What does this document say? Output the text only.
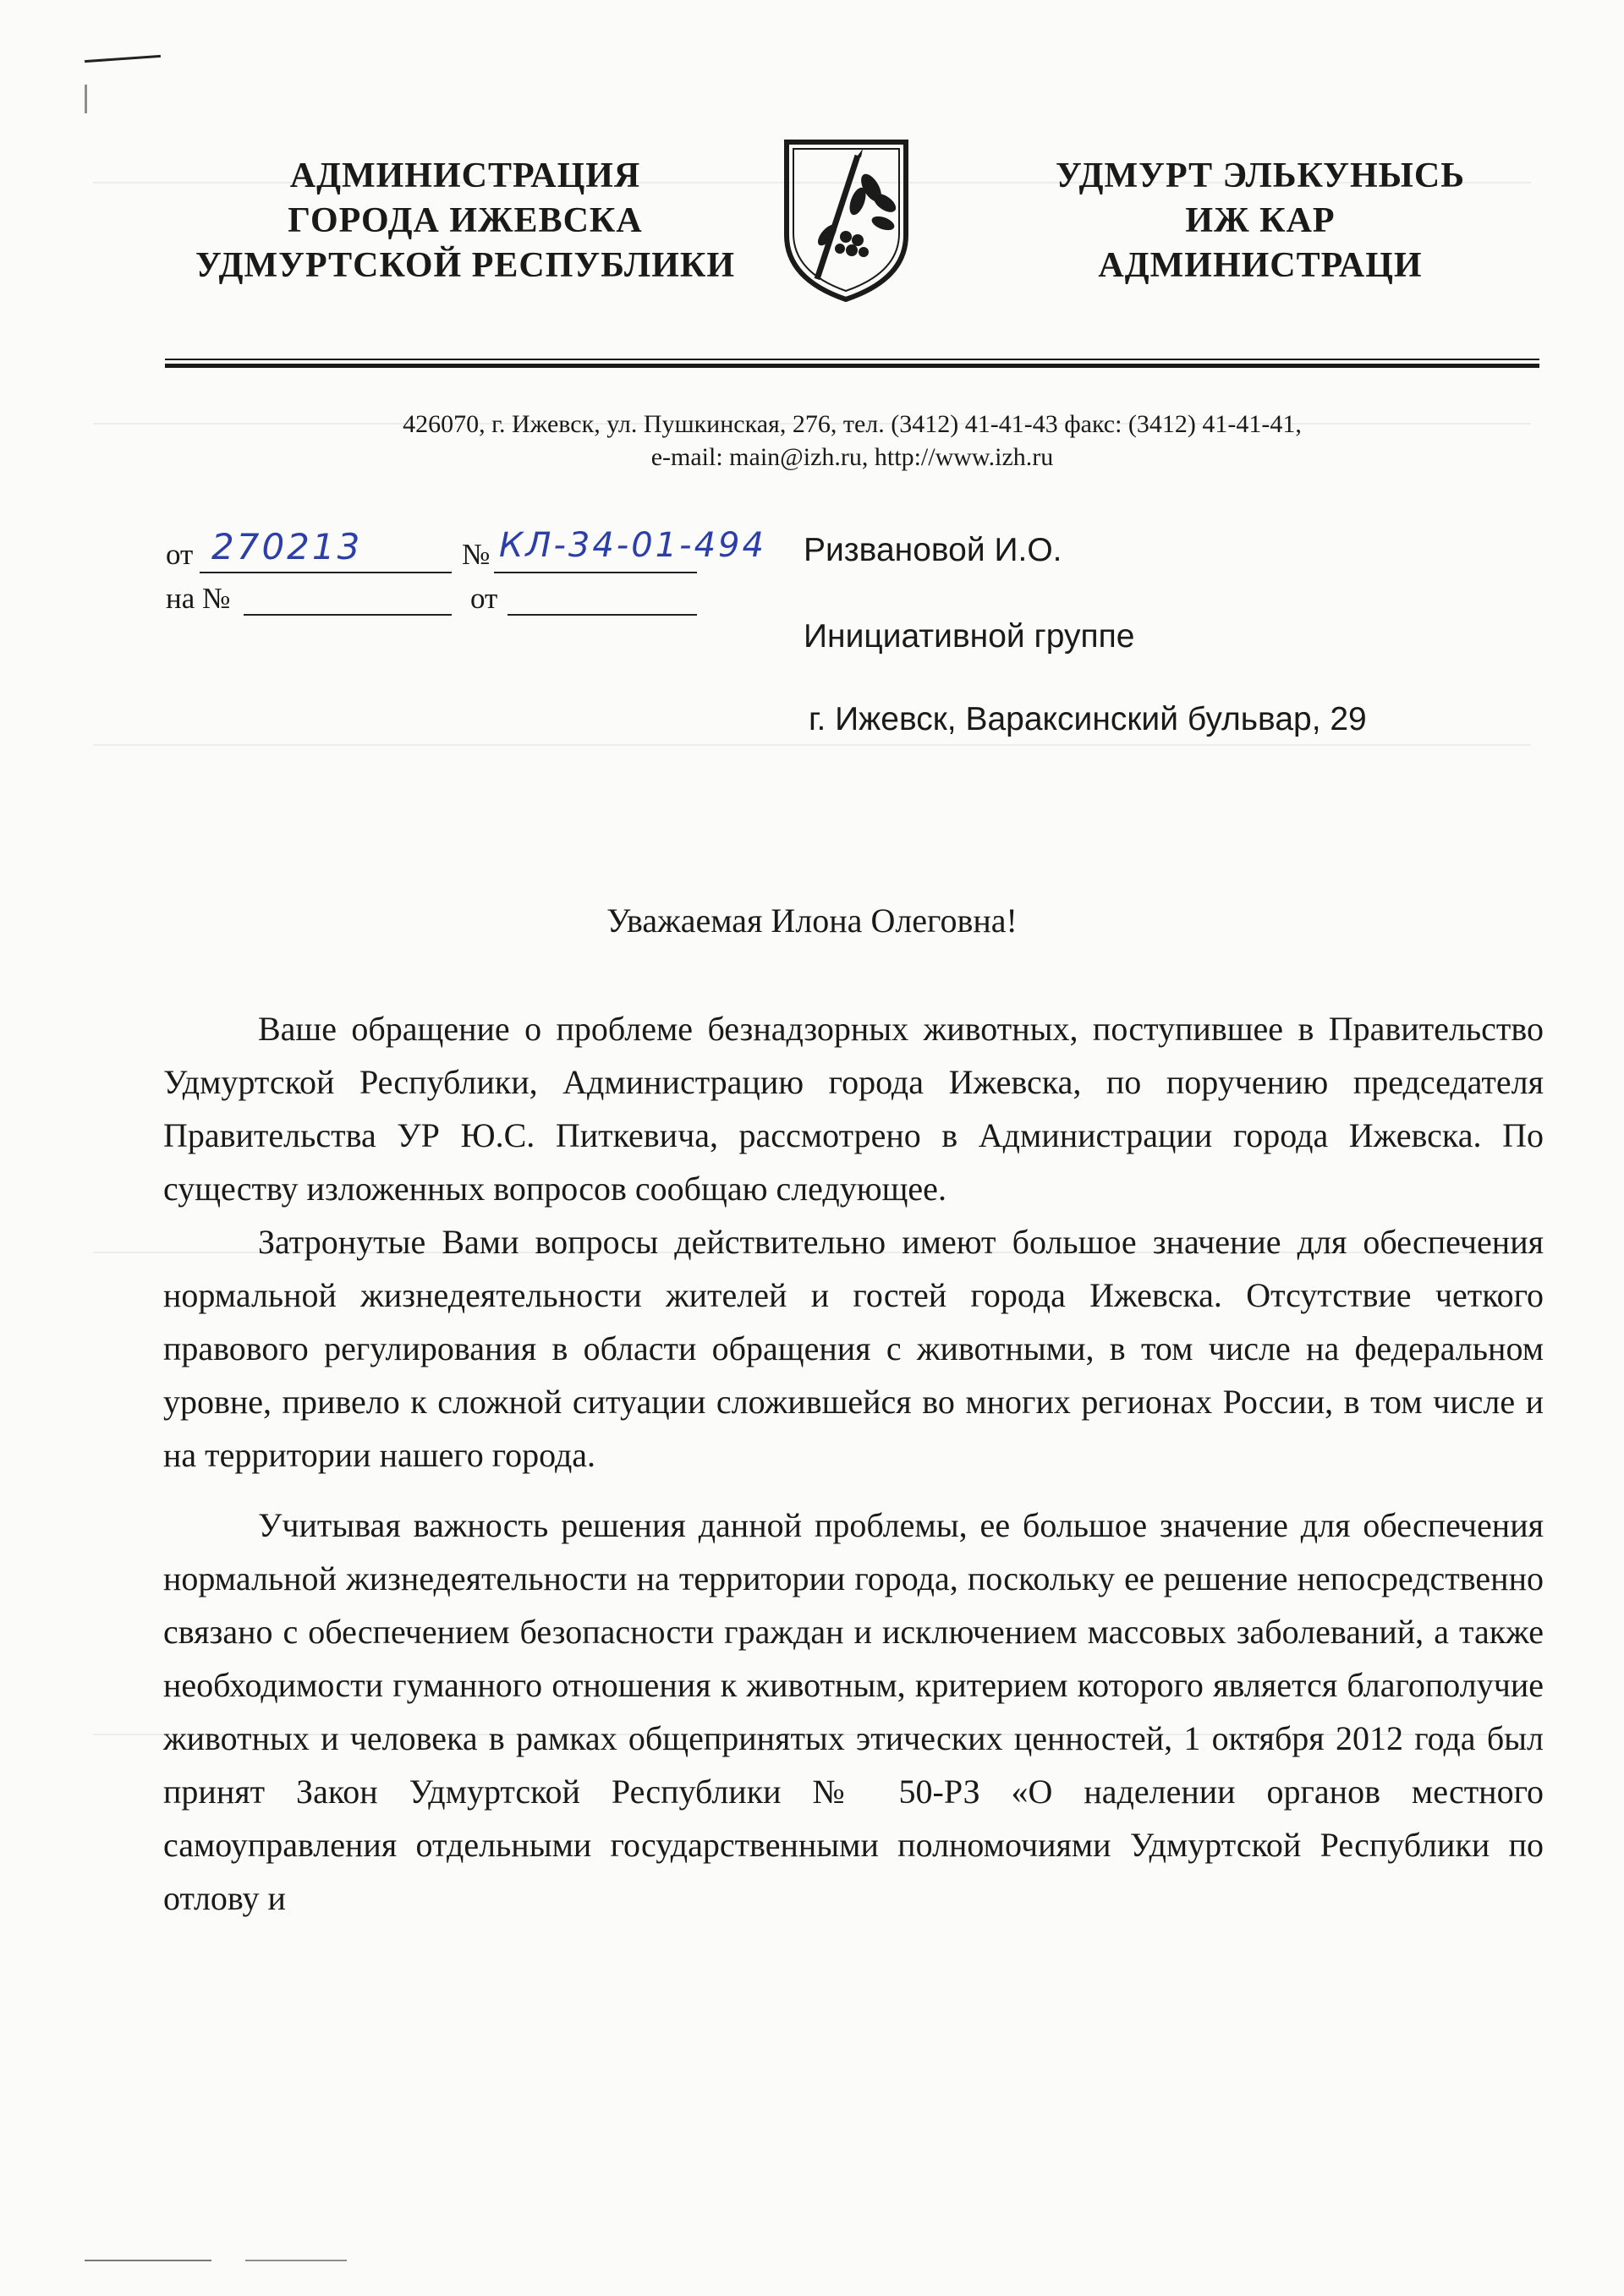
АДМИНИСТРАЦИЯ
ГОРОДА ИЖЕВСКА
УДМУРТСКОЙ РЕСПУБЛИКИ
УДМУРТ ЭЛЬКУНЫСЬ
ИЖ КАР
АДМИНИСТРАЦИ
426070, г. Ижевск, ул. Пушкинская, 276, тел. (3412) 41-41-43 факс: (3412) 41-41-41,
e-mail: main@izh.ru, http://www.izh.ru
от 270213	№ КЛ-34-01-494
на №	от
Ризвановой И.О.
Инициативной группе
г. Ижевск, Вараксинский бульвар, 29
Уважаемая Илона Олеговна!

Ваше обращение о проблеме безнадзорных животных, поступившее в Правительство Удмуртской Республики, Администрацию города Ижевска, по поручению председателя Правительства УР Ю.С. Питкевича, рассмотрено в Администрации города Ижевска. По существу изложенных вопросов сообщаю следующее.

Затронутые Вами вопросы действительно имеют большое значение для обеспечения нормальной жизнедеятельности жителей и гостей города Ижевска. Отсутствие четкого правового регулирования в области обращения с животными, в том числе на федеральном уровне, привело к сложной ситуации сложившейся во многих регионах России, в том числе и на территории нашего города.

Учитывая важность решения данной проблемы, ее большое значение для обеспечения нормальной жизнедеятельности на территории города, поскольку ее решение непосредственно связано с обеспечением безопасности граждан и исключением массовых заболеваний, а также необходимости гуманного отношения к животным, критерием которого является благополучие животных и человека в рамках общепринятых этических ценностей, 1 октября 2012 года был принят Закон Удмуртской Республики № 50-РЗ «О наделении органов местного самоуправления отдельными государственными полномочиями Удмуртской Республики по отлову и
